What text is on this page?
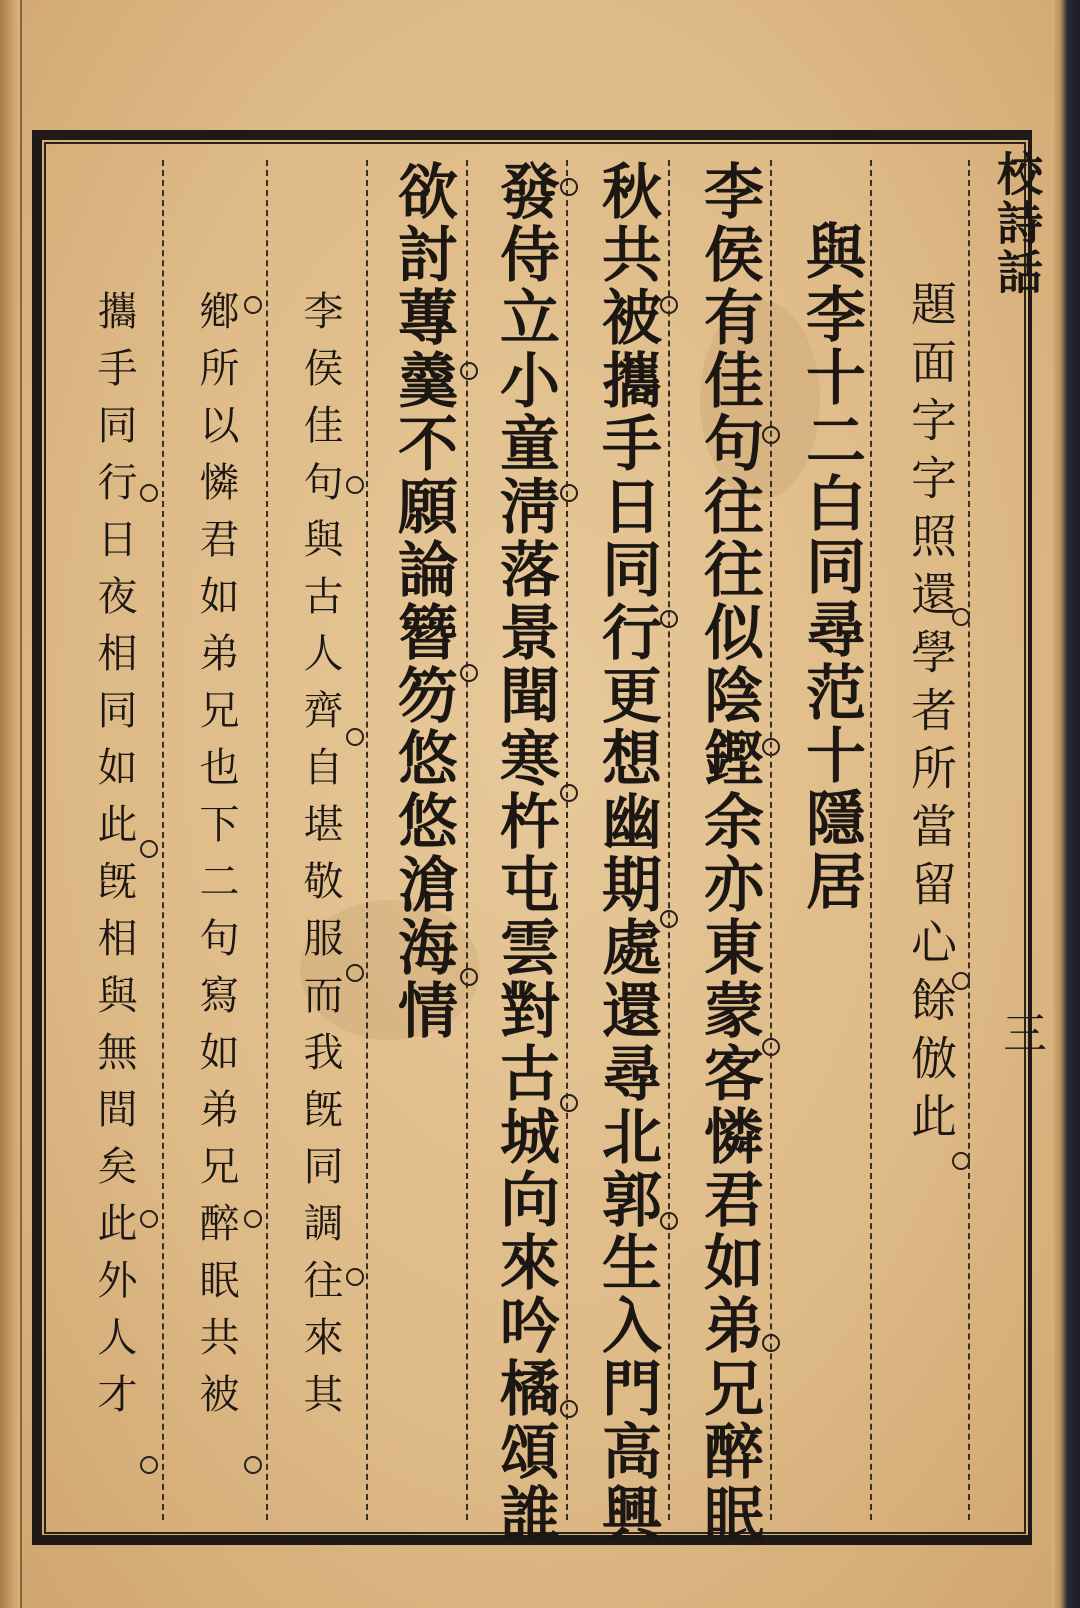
校詩話
題面字字照還學者所當留心餘倣此
與李十二白同尋范十隱居
李侯有佳句往往似陰鏗余亦東蒙客憐君如弟兄醉眠
秋共被攜手日同行更想幽期處還尋北郭生入門高興
發侍立小童淸落景聞寒杵屯雲對古城向來吟橘頌誰
欲討蓴羹不願論簪笏悠悠滄海情
李侯佳句與古人齊自堪敬服而我旣同調往來其
鄕所以憐君如弟兄也下二句寫如弟兄醉眠共被
攜手同行日夜相同如此旣相與無間矣此外人才	三
